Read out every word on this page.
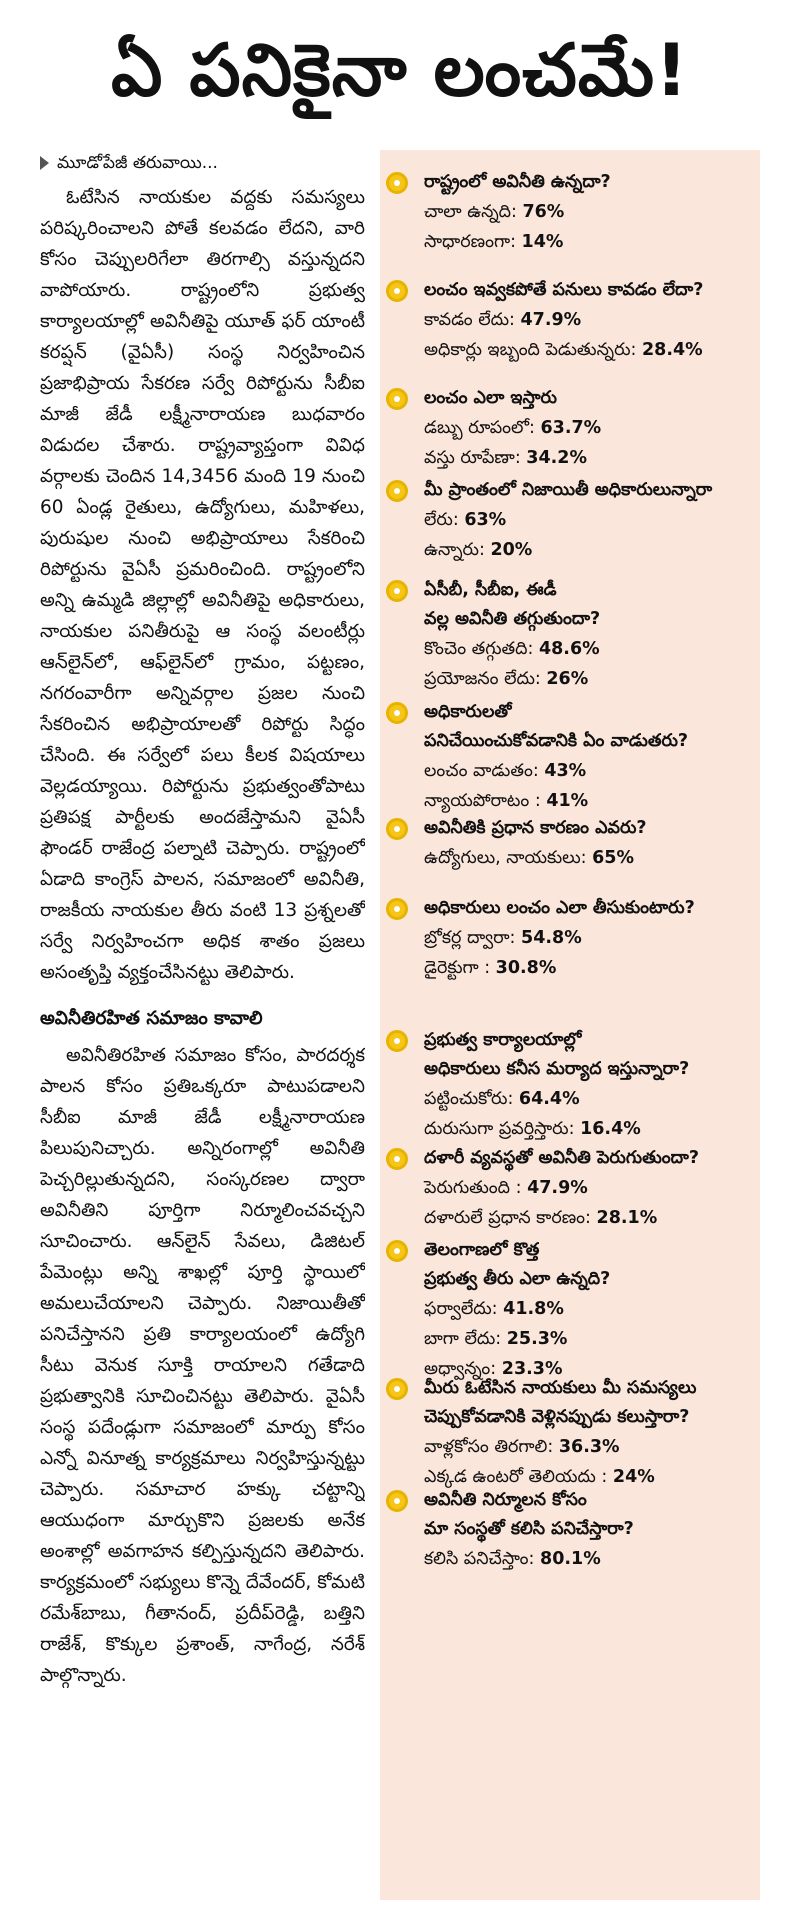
ఏ పనికైనా లంచమే!
మూడోపేజీ తరువాయి...

ఓటేసిన నాయకుల వద్దకు సమస్యలు పరిష్కరించాలని పోతే కలవడం లేదని, వారి కోసం చెప్పులరిగేలా తిరగాల్సి వస్తున్నదని వాపోయారు. రాష్ట్రంలోని ప్రభుత్వ కార్యాలయాల్లో అవినీతిపై యూత్ ఫర్ యాంటీ కరప్షన్ (వైఏసీ) సంస్థ నిర్వహించిన ప్రజాభిప్రాయ సేకరణ సర్వే రిపోర్టును సీబీఐ మాజీ జేడీ లక్ష్మీనారాయణ బుధవారం విడుదల చేశారు. రాష్ట్రవ్యాప్తంగా వివిధ వర్గాలకు చెందిన 14,3456 మంది 19 నుంచి 60 ఏండ్ల రైతులు, ఉద్యోగులు, మహిళలు, పురుషుల నుంచి అభిప్రాయాలు సేకరించి రిపోర్టును వైఏసీ ప్రమరించింది. రాష్ట్రంలోని అన్ని ఉమ్మడి జిల్లాల్లో అవినీతిపై అధికారులు, నాయకుల పనితీరుపై ఆ సంస్థ వలంటీర్లు ఆన్‌లైన్‌లో, ఆఫ్‌లైన్‌లో గ్రామం, పట్టణం, నగరంవారీగా అన్నివర్గాల ప్రజల నుంచి సేకరించిన అభిప్రాయాలతో రిపోర్టు సిద్ధం చేసింది. ఈ సర్వేలో పలు కీలక విషయాలు వెల్లడయ్యాయి. రిపోర్టును ప్రభుత్వంతోపాటు ప్రతిపక్ష పార్టీలకు అందజేస్తామని వైఏసీ ఫౌండర్ రాజేంద్ర పల్నాటి చెప్పారు. రాష్ట్రంలో ఏడాది కాంగ్రెస్ పాలన, సమాజంలో అవినీతి, రాజకీయ నాయకుల తీరు వంటి 13 ప్రశ్నలతో సర్వే నిర్వహించగా అధిక శాతం ప్రజలు అసంతృప్తి వ్యక్తంచేసినట్టు తెలిపారు.

అవినీతిరహిత సమాజం కావాలి

అవినీతిరహిత సమాజం కోసం, పారదర్శక పాలన కోసం ప్రతిఒక్కరూ పాటుపడాలని సీబీఐ మాజీ జేడీ లక్ష్మీనారాయణ పిలుపునిచ్చారు. అన్నిరంగాల్లో అవినీతి పెచ్చరిల్లుతున్నదని, సంస్కరణల ద్వారా అవినీతిని పూర్తిగా నిర్మూలించవచ్చని సూచించారు. ఆన్‌లైన్ సేవలు, డిజిటల్ పేమెంట్లు అన్ని శాఖల్లో పూర్తి స్థాయిలో అమలుచేయాలని చెప్పారు. నిజాయితీతో పనిచేస్తానని ప్రతి కార్యాలయంలో ఉద్యోగి సీటు వెనుక సూక్తి రాయాలని గతేడాది ప్రభుత్వానికి సూచించినట్టు తెలిపారు. వైఏసీ సంస్థ పదేండ్లుగా సమాజంలో మార్పు కోసం ఎన్నో వినూత్న కార్యక్రమాలు నిర్వహిస్తున్నట్టు చెప్పారు. సమాచార హక్కు చట్టాన్ని ఆయుధంగా మార్చుకొని ప్రజలకు అనేక అంశాల్లో అవగాహన కల్పిస్తున్నదని తెలిపారు. కార్యక్రమంలో సభ్యులు కొన్నె దేవేందర్, కోమటి రమేశ్‌బాబు, గీతానంద్, ప్రదీప్‌రెడ్డి, బత్తిని రాజేశ్, కొక్కుల ప్రశాంత్, నాగేంద్ర, నరేశ్ పాల్గొన్నారు.

రాష్ట్రంలో అవినీతి ఉన్నదా?
చాలా ఉన్నది: 76%
సాధారణంగా: 14%
లంచం ఇవ్వకపోతే పనులు కావడం లేదా?
కావడం లేదు: 47.9%
అధికార్లు ఇబ్బంది పెడుతున్నరు: 28.4%
లంచం ఎలా ఇస్తారు
డబ్బు రూపంలో: 63.7%
వస్తు రూపేణా: 34.2%
మీ ప్రాంతంలో నిజాయితీ అధికారులున్నారా
లేరు: 63%
ఉన్నారు: 20%
ఏసీబీ, సీబీఐ, ఈడీ
వల్ల అవినీతి తగ్గుతుందా?
కొంచెం తగ్గుతది: 48.6%
ప్రయోజనం లేదు: 26%
అధికారులతో
పనిచేయించుకోవడానికి ఏం వాడుతరు?
లంచం వాడుతం: 43%
న్యాయపోరాటం : 41%
అవినీతికి ప్రధాన కారణం ఎవరు?
ఉద్యోగులు, నాయకులు: 65%
అధికారులు లంచం ఎలా తీసుకుంటారు?
బ్రోకర్ల ద్వారా: 54.8%
డైరెక్టుగా : 30.8%
ప్రభుత్వ కార్యాలయాల్లో
అధికారులు కనీస మర్యాద ఇస్తున్నారా?
పట్టించుకోరు: 64.4%
దురుసుగా ప్రవర్తిస్తారు: 16.4%
దళారీ వ్యవస్థతో అవినీతి పెరుగుతుందా?
పెరుగుతుంది : 47.9%
దళారులే ప్రధాన కారణం: 28.1%
తెలంగాణలో కొత్త
ప్రభుత్వ తీరు ఎలా ఉన్నది?
ఫర్వాలేదు: 41.8%
బాగా లేదు: 25.3%
అధ్వాన్నం: 23.3%
మీరు ఓటేసిన నాయకులు మీ సమస్యలు
చెప్పుకోవడానికి వెళ్లినప్పుడు కలుస్తారా?
వాళ్లకోసం తిరగాలి: 36.3%
ఎక్కడ ఉంటరో తెలియదు : 24%
అవినీతి నిర్మూలన కోసం
మా సంస్థతో కలిసి పనిచేస్తారా?
కలిసి పనిచేస్తాం: 80.1%
